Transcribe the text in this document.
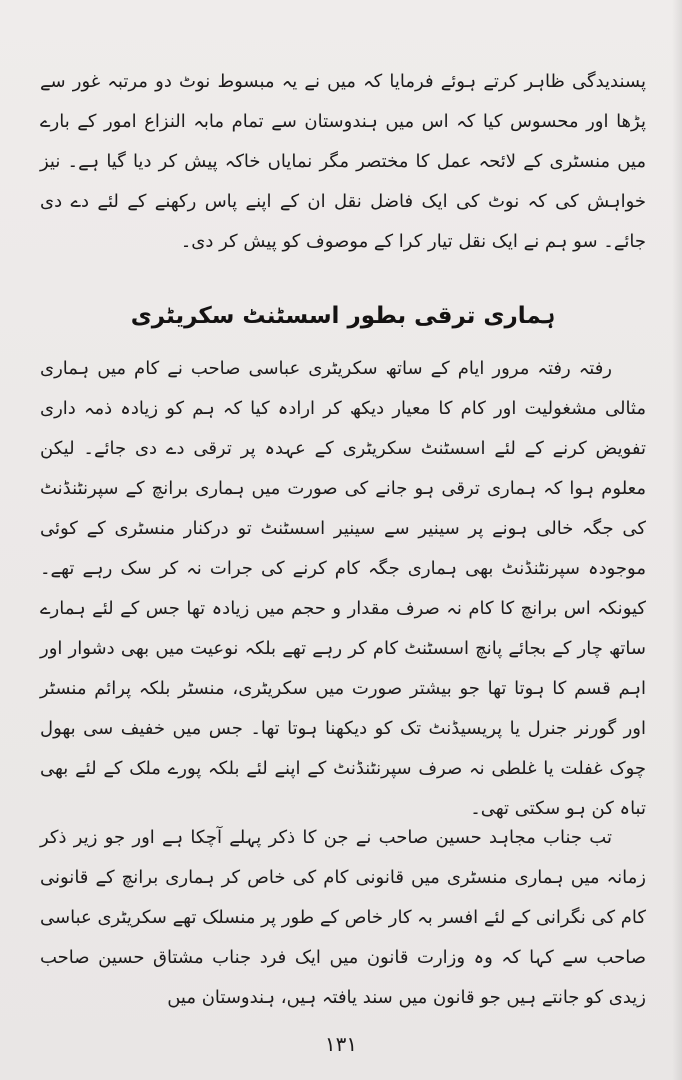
پسندیدگی ظاہر کرتے ہوئے فرمایا کہ میں نے یہ مبسوط نوٹ دو مرتبہ غور سے پڑھا اور محسوس کیا کہ اس میں ہندوستان سے تمام مابہ النزاع امور کے بارے میں منسٹری کے لائحہ عمل کا مختصر مگر نمایاں خاکہ پیش کر دیا گیا ہے۔ نیز خواہش کی کہ نوٹ کی ایک فاضل نقل ان کے اپنے پاس رکھنے کے لئے دے دی جائے۔ سو ہم نے ایک نقل تیار کرا کے موصوف کو پیش کر دی۔

ہماری ترقی بطور اسسٹنٹ سکریٹری

رفتہ رفتہ مرور ایام کے ساتھ سکریٹری عباسی صاحب نے کام میں ہماری مثالی مشغولیت اور کام کا معیار دیکھ کر ارادہ کیا کہ ہم کو زیادہ ذمہ داری تفویض کرنے کے لئے اسسٹنٹ سکریٹری کے عہدہ پر ترقی دے دی جائے۔ لیکن معلوم ہوا کہ ہماری ترقی ہو جانے کی صورت میں ہماری برانچ کے سپرنٹنڈنٹ کی جگہ خالی ہونے پر سینیر سے سینیر اسسٹنٹ تو درکنار منسٹری کے کوئی موجودہ سپرنٹنڈنٹ بھی ہماری جگہ کام کرنے کی جرات نہ کر سک رہے تھے۔ کیونکہ اس برانچ کا کام نہ صرف مقدار و حجم میں زیادہ تھا جس کے لئے ہمارے ساتھ چار کے بجائے پانچ اسسٹنٹ کام کر رہے تھے بلکہ نوعیت میں بھی دشوار اور اہم قسم کا ہوتا تھا جو بیشتر صورت میں سکریٹری، منسٹر بلکہ پرائم منسٹر اور گورنر جنرل یا پریسیڈنٹ تک کو دیکھنا ہوتا تھا۔ جس میں خفیف سی بھول چوک غفلت یا غلطی نہ صرف سپرنٹنڈنٹ کے اپنے لئے بلکہ پورے ملک کے لئے بھی تباہ کن ہو سکتی تھی۔

تب جناب مجاہد حسین صاحب نے جن کا ذکر پہلے آچکا ہے اور جو زیر ذکر زمانہ میں ہماری منسٹری میں قانونی کام کی خاص کر ہماری برانچ کے قانونی کام کی نگرانی کے لئے افسر بہ کار خاص کے طور پر منسلک تھے سکریٹری عباسی صاحب سے کہا کہ وہ وزارت قانون میں ایک فرد جناب مشتاق حسین صاحب زیدی کو جانتے ہیں جو قانون میں سند یافتہ ہیں، ہندوستان میں

۱۳۱
